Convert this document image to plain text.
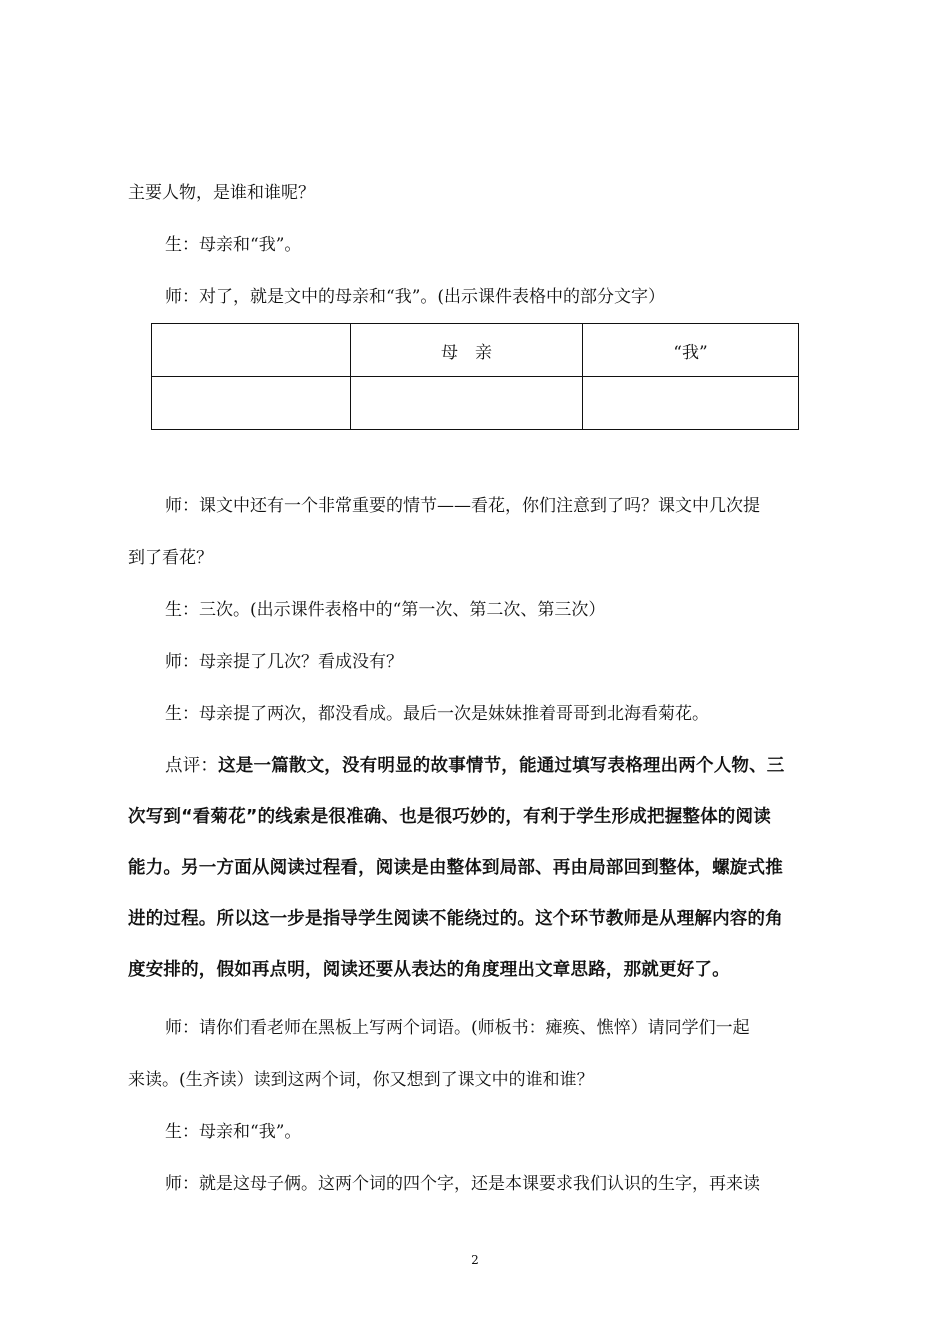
主要人物，是谁和谁呢？
生：母亲和“我”。
师：对了，就是文中的母亲和“我”。(出示课件表格中的部分文字）
	母　亲	“我”

师：课文中还有一个非常重要的情节——看花，你们注意到了吗？课文中几次提
到了看花？
生：三次。(出示课件表格中的“第一次、第二次、第三次）
师：母亲提了几次？看成没有？
生：母亲提了两次，都没看成。最后一次是妹妹推着哥哥到北海看菊花。
点评：这是一篇散文，没有明显的故事情节，能通过填写表格理出两个人物、三
次写到“看菊花”的线索是很准确、也是很巧妙的，有利于学生形成把握整体的阅读
能力。另一方面从阅读过程看，阅读是由整体到局部、再由局部回到整体，螺旋式推
进的过程。所以这一步是指导学生阅读不能绕过的。这个环节教师是从理解内容的角
度安排的，假如再点明，阅读还要从表达的角度理出文章思路，那就更好了。
师：请你们看老师在黑板上写两个词语。(师板书：瘫痪、憔悴）请同学们一起
来读。(生齐读）读到这两个词，你又想到了课文中的谁和谁？
生：母亲和“我”。
师：就是这母子俩。这两个词的四个字，还是本课要求我们认识的生字，再来读
2
